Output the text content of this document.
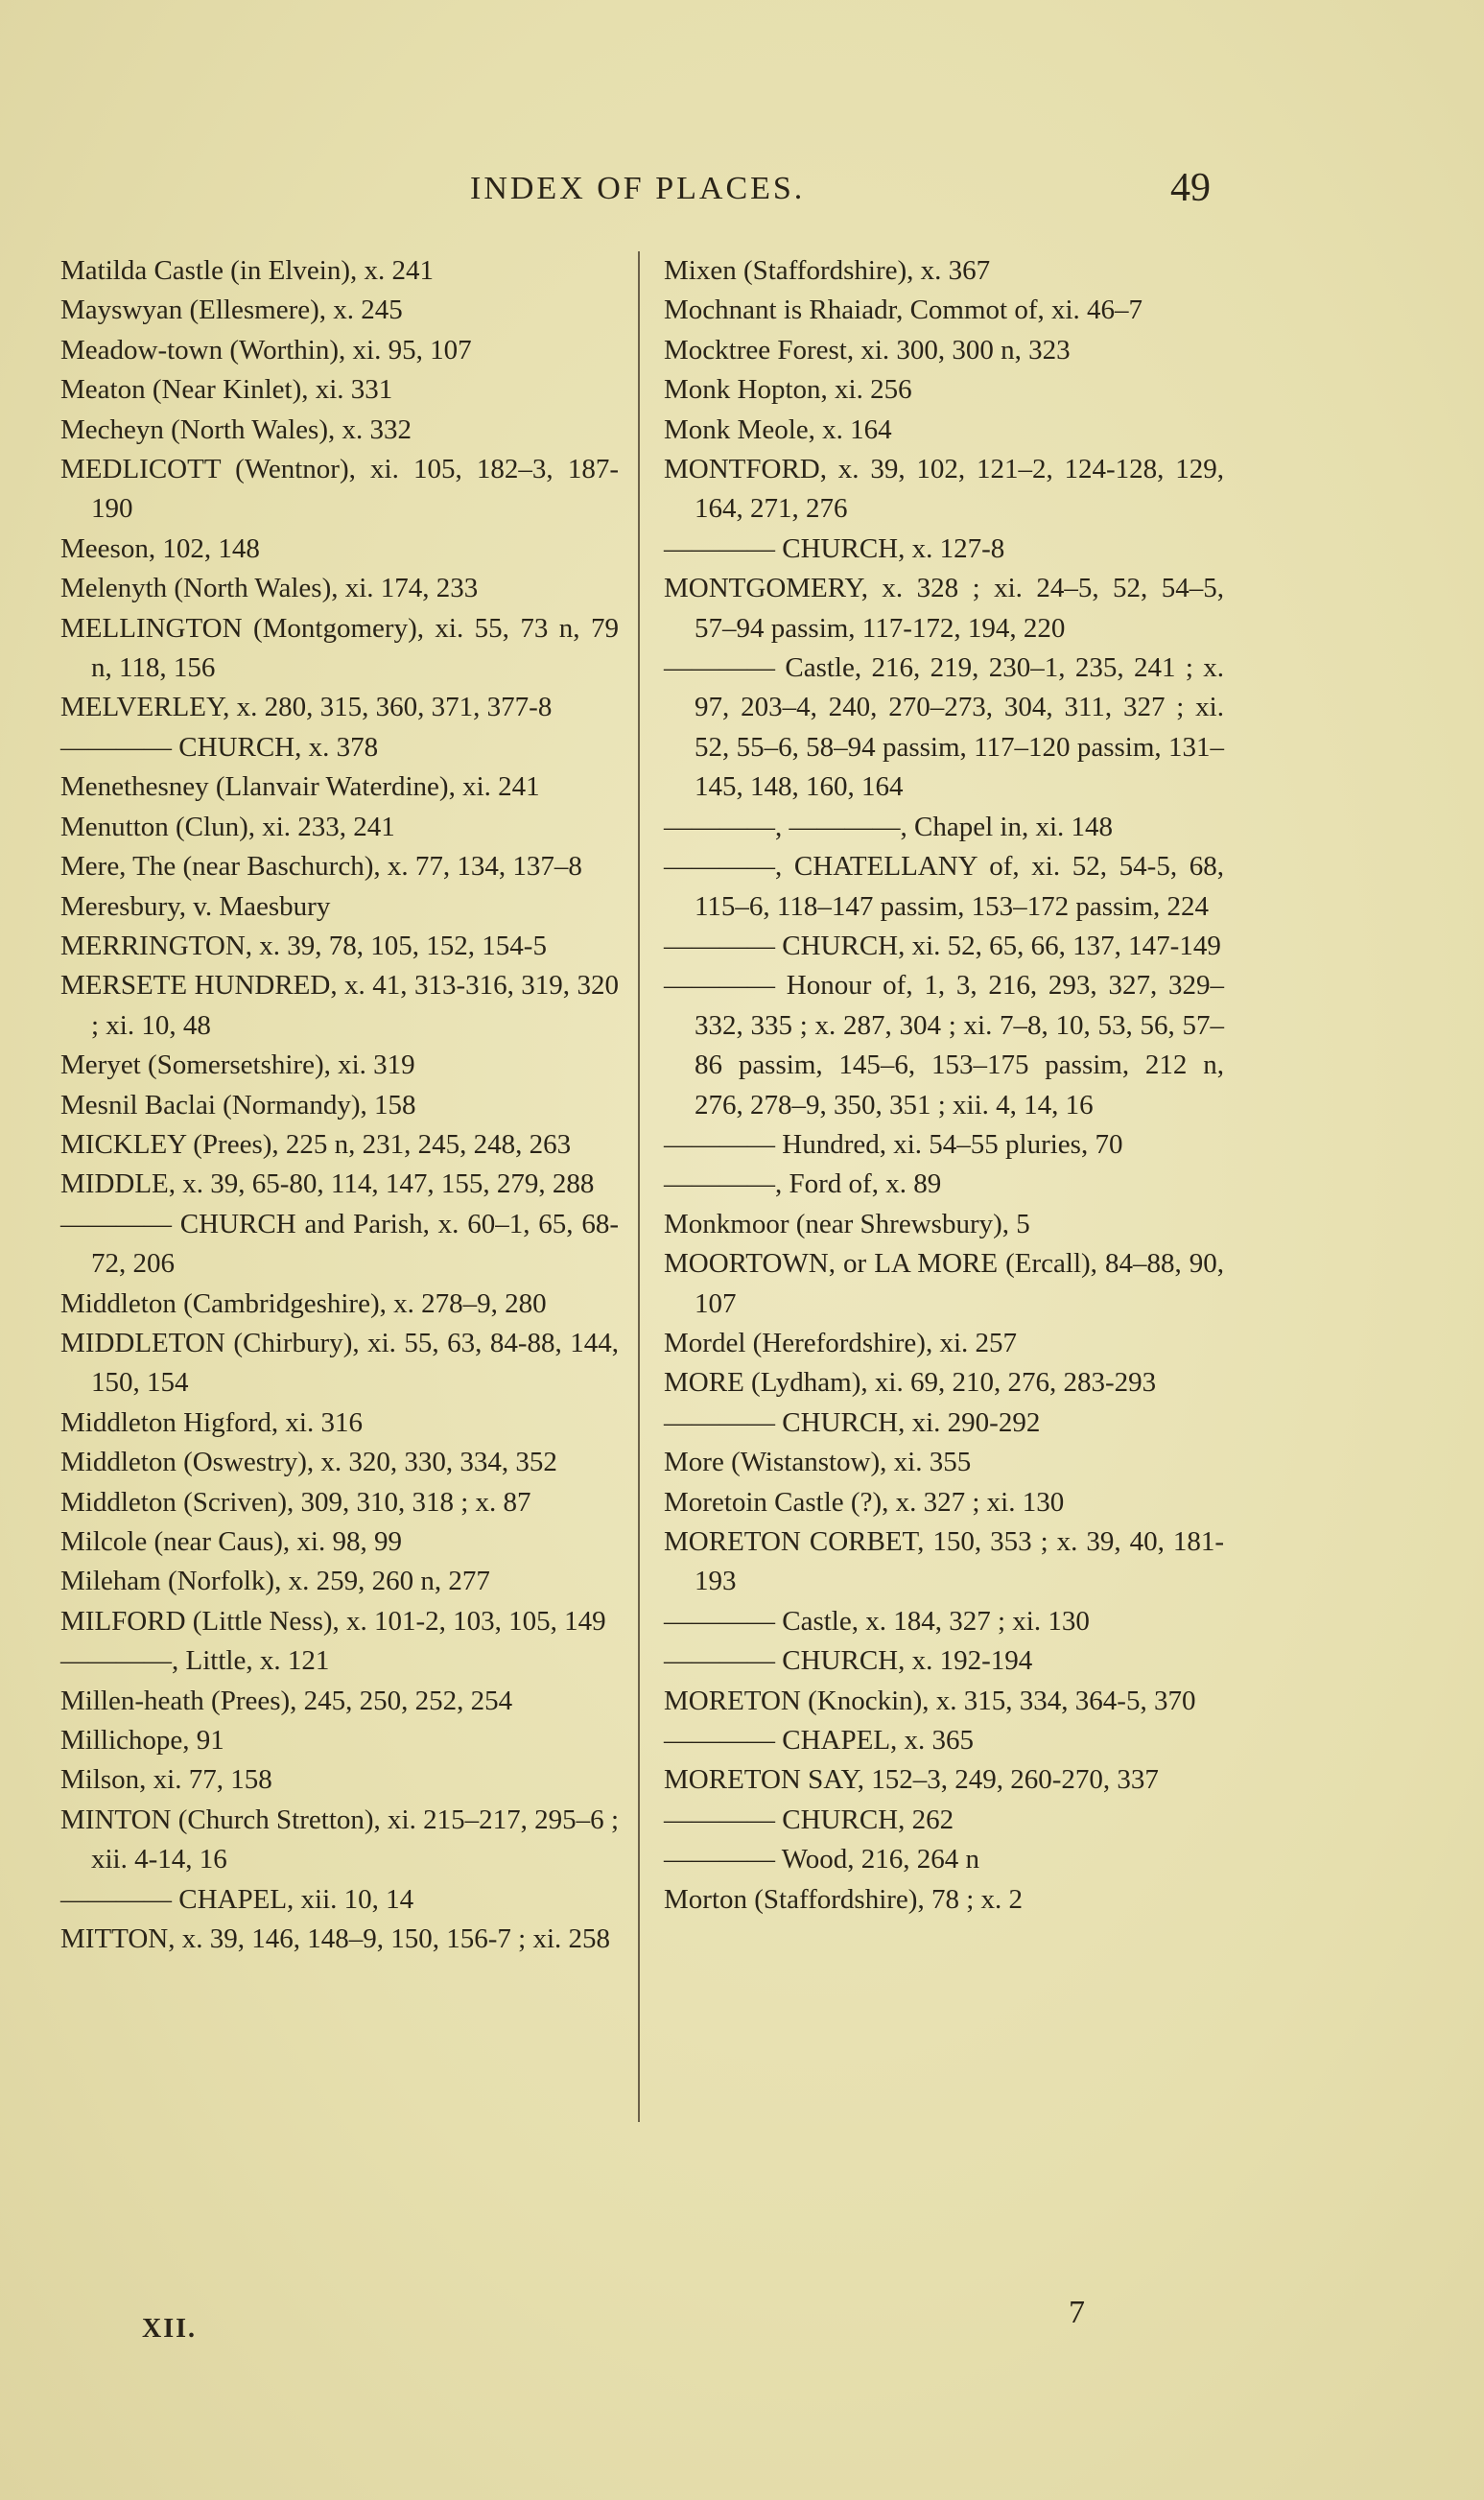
INDEX OF PLACES.	49
Matilda Castle (in Elvein), x. 241
Mayswyan (Ellesmere), x. 245
Meadow-town (Worthin), xi. 95, 107
Meaton (Near Kinlet), xi. 331
Mecheyn (North Wales), x. 332
MEDLICOTT (Wentnor), xi. 105, 182–3, 187-190
Meeson, 102, 148
Melenyth (North Wales), xi. 174, 233
MELLINGTON (Montgomery), xi. 55, 73 n, 79 n, 118, 156
MELVERLEY, x. 280, 315, 360, 371, 377-8
———— CHURCH, x. 378
Menethesney (Llanvair Waterdine), xi. 241
Menutton (Clun), xi. 233, 241
Mere, The (near Baschurch), x. 77, 134, 137–8
Meresbury, v. Maesbury
MERRINGTON, x. 39, 78, 105, 152, 154-5
MERSETE HUNDRED, x. 41, 313-316, 319, 320 ; xi. 10, 48
Meryet (Somersetshire), xi. 319
Mesnil Baclai (Normandy), 158
MICKLEY (Prees), 225 n, 231, 245, 248, 263
MIDDLE, x. 39, 65-80, 114, 147, 155, 279, 288
———— CHURCH and Parish, x. 60–1, 65, 68-72, 206
Middleton (Cambridgeshire), x. 278–9, 280
MIDDLETON (Chirbury), xi. 55, 63, 84-88, 144, 150, 154
Middleton Higford, xi. 316
Middleton (Oswestry), x. 320, 330, 334, 352
Middleton (Scriven), 309, 310, 318 ; x. 87
Milcole (near Caus), xi. 98, 99
Mileham (Norfolk), x. 259, 260 n, 277
MILFORD (Little Ness), x. 101-2, 103, 105, 149
————, Little, x. 121
Millen-heath (Prees), 245, 250, 252, 254
Millichope, 91
Milson, xi. 77, 158
MINTON (Church Stretton), xi. 215–217, 295–6 ; xii. 4-14, 16
———— CHAPEL, xii. 10, 14
MITTON, x. 39, 146, 148–9, 150, 156-7 ; xi. 258
Mixen (Staffordshire), x. 367
Mochnant is Rhaiadr, Commot of, xi. 46–7
Mocktree Forest, xi. 300, 300 n, 323
Monk Hopton, xi. 256
Monk Meole, x. 164
MONTFORD, x. 39, 102, 121–2, 124-128, 129, 164, 271, 276
———— CHURCH, x. 127-8
MONTGOMERY, x. 328 ; xi. 24–5, 52, 54–5, 57–94 passim, 117-172, 194, 220
———— Castle, 216, 219, 230–1, 235, 241 ; x. 97, 203–4, 240, 270–273, 304, 311, 327 ; xi. 52, 55–6, 58–94 passim, 117–120 passim, 131–145, 148, 160, 164
————, ————, Chapel in, xi. 148
————, CHATELLANY of, xi. 52, 54-5, 68, 115–6, 118–147 passim, 153–172 passim, 224
———— CHURCH, xi. 52, 65, 66, 137, 147-149
———— Honour of, 1, 3, 216, 293, 327, 329–332, 335 ; x. 287, 304 ; xi. 7–8, 10, 53, 56, 57–86 passim, 145–6, 153–175 passim, 212 n, 276, 278–9, 350, 351 ; xii. 4, 14, 16
———— Hundred, xi. 54–55 pluries, 70
————, Ford of, x. 89
Monkmoor (near Shrewsbury), 5
MOORTOWN, or LA MORE (Ercall), 84–88, 90, 107
Mordel (Herefordshire), xi. 257
MORE (Lydham), xi. 69, 210, 276, 283-293
———— CHURCH, xi. 290-292
More (Wistanstow), xi. 355
Moretoin Castle (?), x. 327 ; xi. 130
MORETON CORBET, 150, 353 ; x. 39, 40, 181-193
———— Castle, x. 184, 327 ; xi. 130
———— CHURCH, x. 192-194
MORETON (Knockin), x. 315, 334, 364-5, 370
———— CHAPEL, x. 365
MORETON SAY, 152–3, 249, 260-270, 337
———— CHURCH, 262
———— Wood, 216, 264 n
Morton (Staffordshire), 78 ; x. 2
XII.	7
